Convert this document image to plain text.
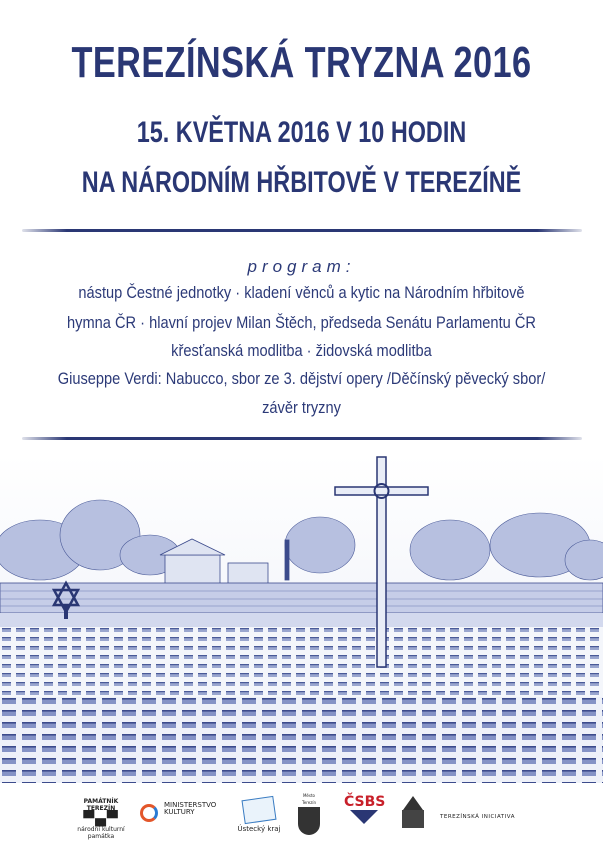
TEREZÍNSKÁ TRYZNA 2016
15. KVĚTNA 2016 V 10 HODIN
NA NÁRODNÍM HŘBITOVĚ V TEREZÍNĚ
program:
nástup Čestné jednotky · kladení věnců a kytic na Národním hřbitově
hymna ČR · hlavní projev Milan Štěch, předseda Senátu Parlamentu ČR
křesťanská modlitba · židovská modlitba
Giuseppe Verdi: Nabucco, sbor ze 3. dějství opery /Děčínský pěvecký sbor/
závěr tryzny
PAMÁTNÍK TEREZÍN
▀▄▀
národní kulturní památka
MINISTERSTVO
KULTURY
Ústecký kraj
Město Terezín	ČSBS
TEREZÍNSKÁ INICIATIVA
